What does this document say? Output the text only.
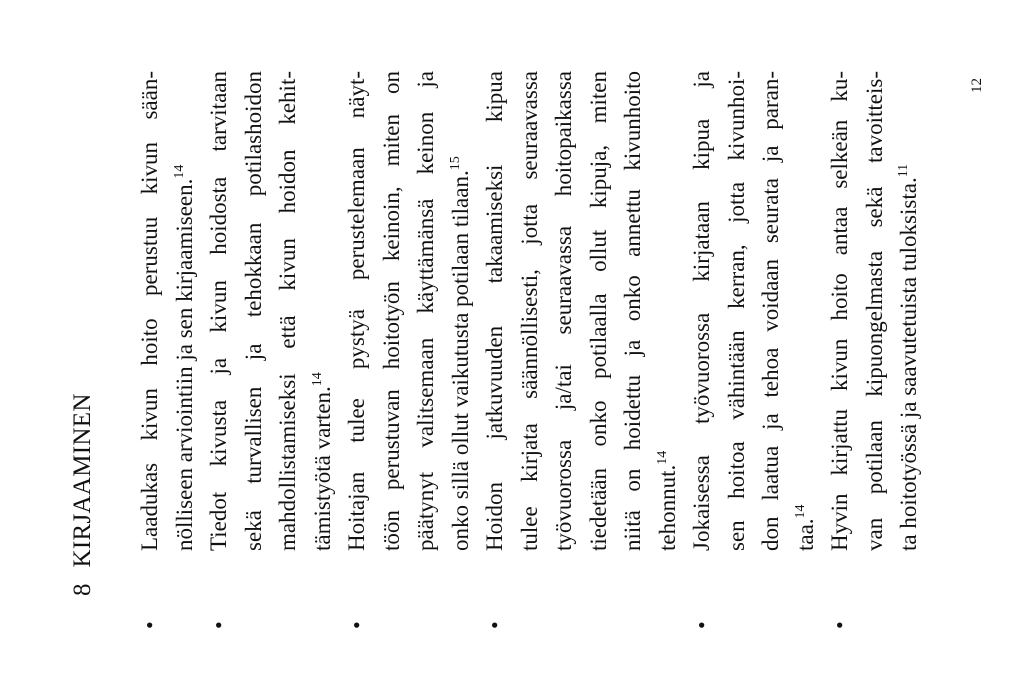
8 KIRJAAMINEN
•
Laadukas kivun hoito perustuu kivun sään- nölliseen arviointiin ja sen kirjaamiseen.$^{14}$
•
Tiedot kivusta ja kivun hoidosta tarvitaan sekä turvallisen ja tehokkaan potilashoidon mahdollistamiseksi että kivun hoidon kehit- tämistyötä varten.$^{14}$
•
Hoitajan tulee pystyä perustelemaan näyt- töön perustuvan hoitotyön keinoin, miten on päätynyt valitsemaan käyttämänsä keinon ja onko sillä ollut vaikutusta potilaan tilaan.$^{15}$
•
Hoidon jatkuvuuden takaamiseksi kipua tulee kirjata säännöllisesti, jotta seuraavassa työvuorossa ja/tai seuraavassa hoitopaikassa tiedetään onko potilaalla ollut kipuja, miten niitä on hoidettu ja onko annettu kivunhoito tehonnut.$^{14}$
•
Jokaisessa työvuorossa kirjataan kipua ja sen hoitoa vähintään kerran, jotta kivunhoi- don laatua ja tehoa voidaan seurata ja paran- taa.$^{14}$
•
Hyvin kirjattu kivun hoito antaa selkeän ku- van potilaan kipuongelmasta sekä tavoitteis- ta hoitotyössä ja saavutetuista tuloksista.$^{11}$
12
